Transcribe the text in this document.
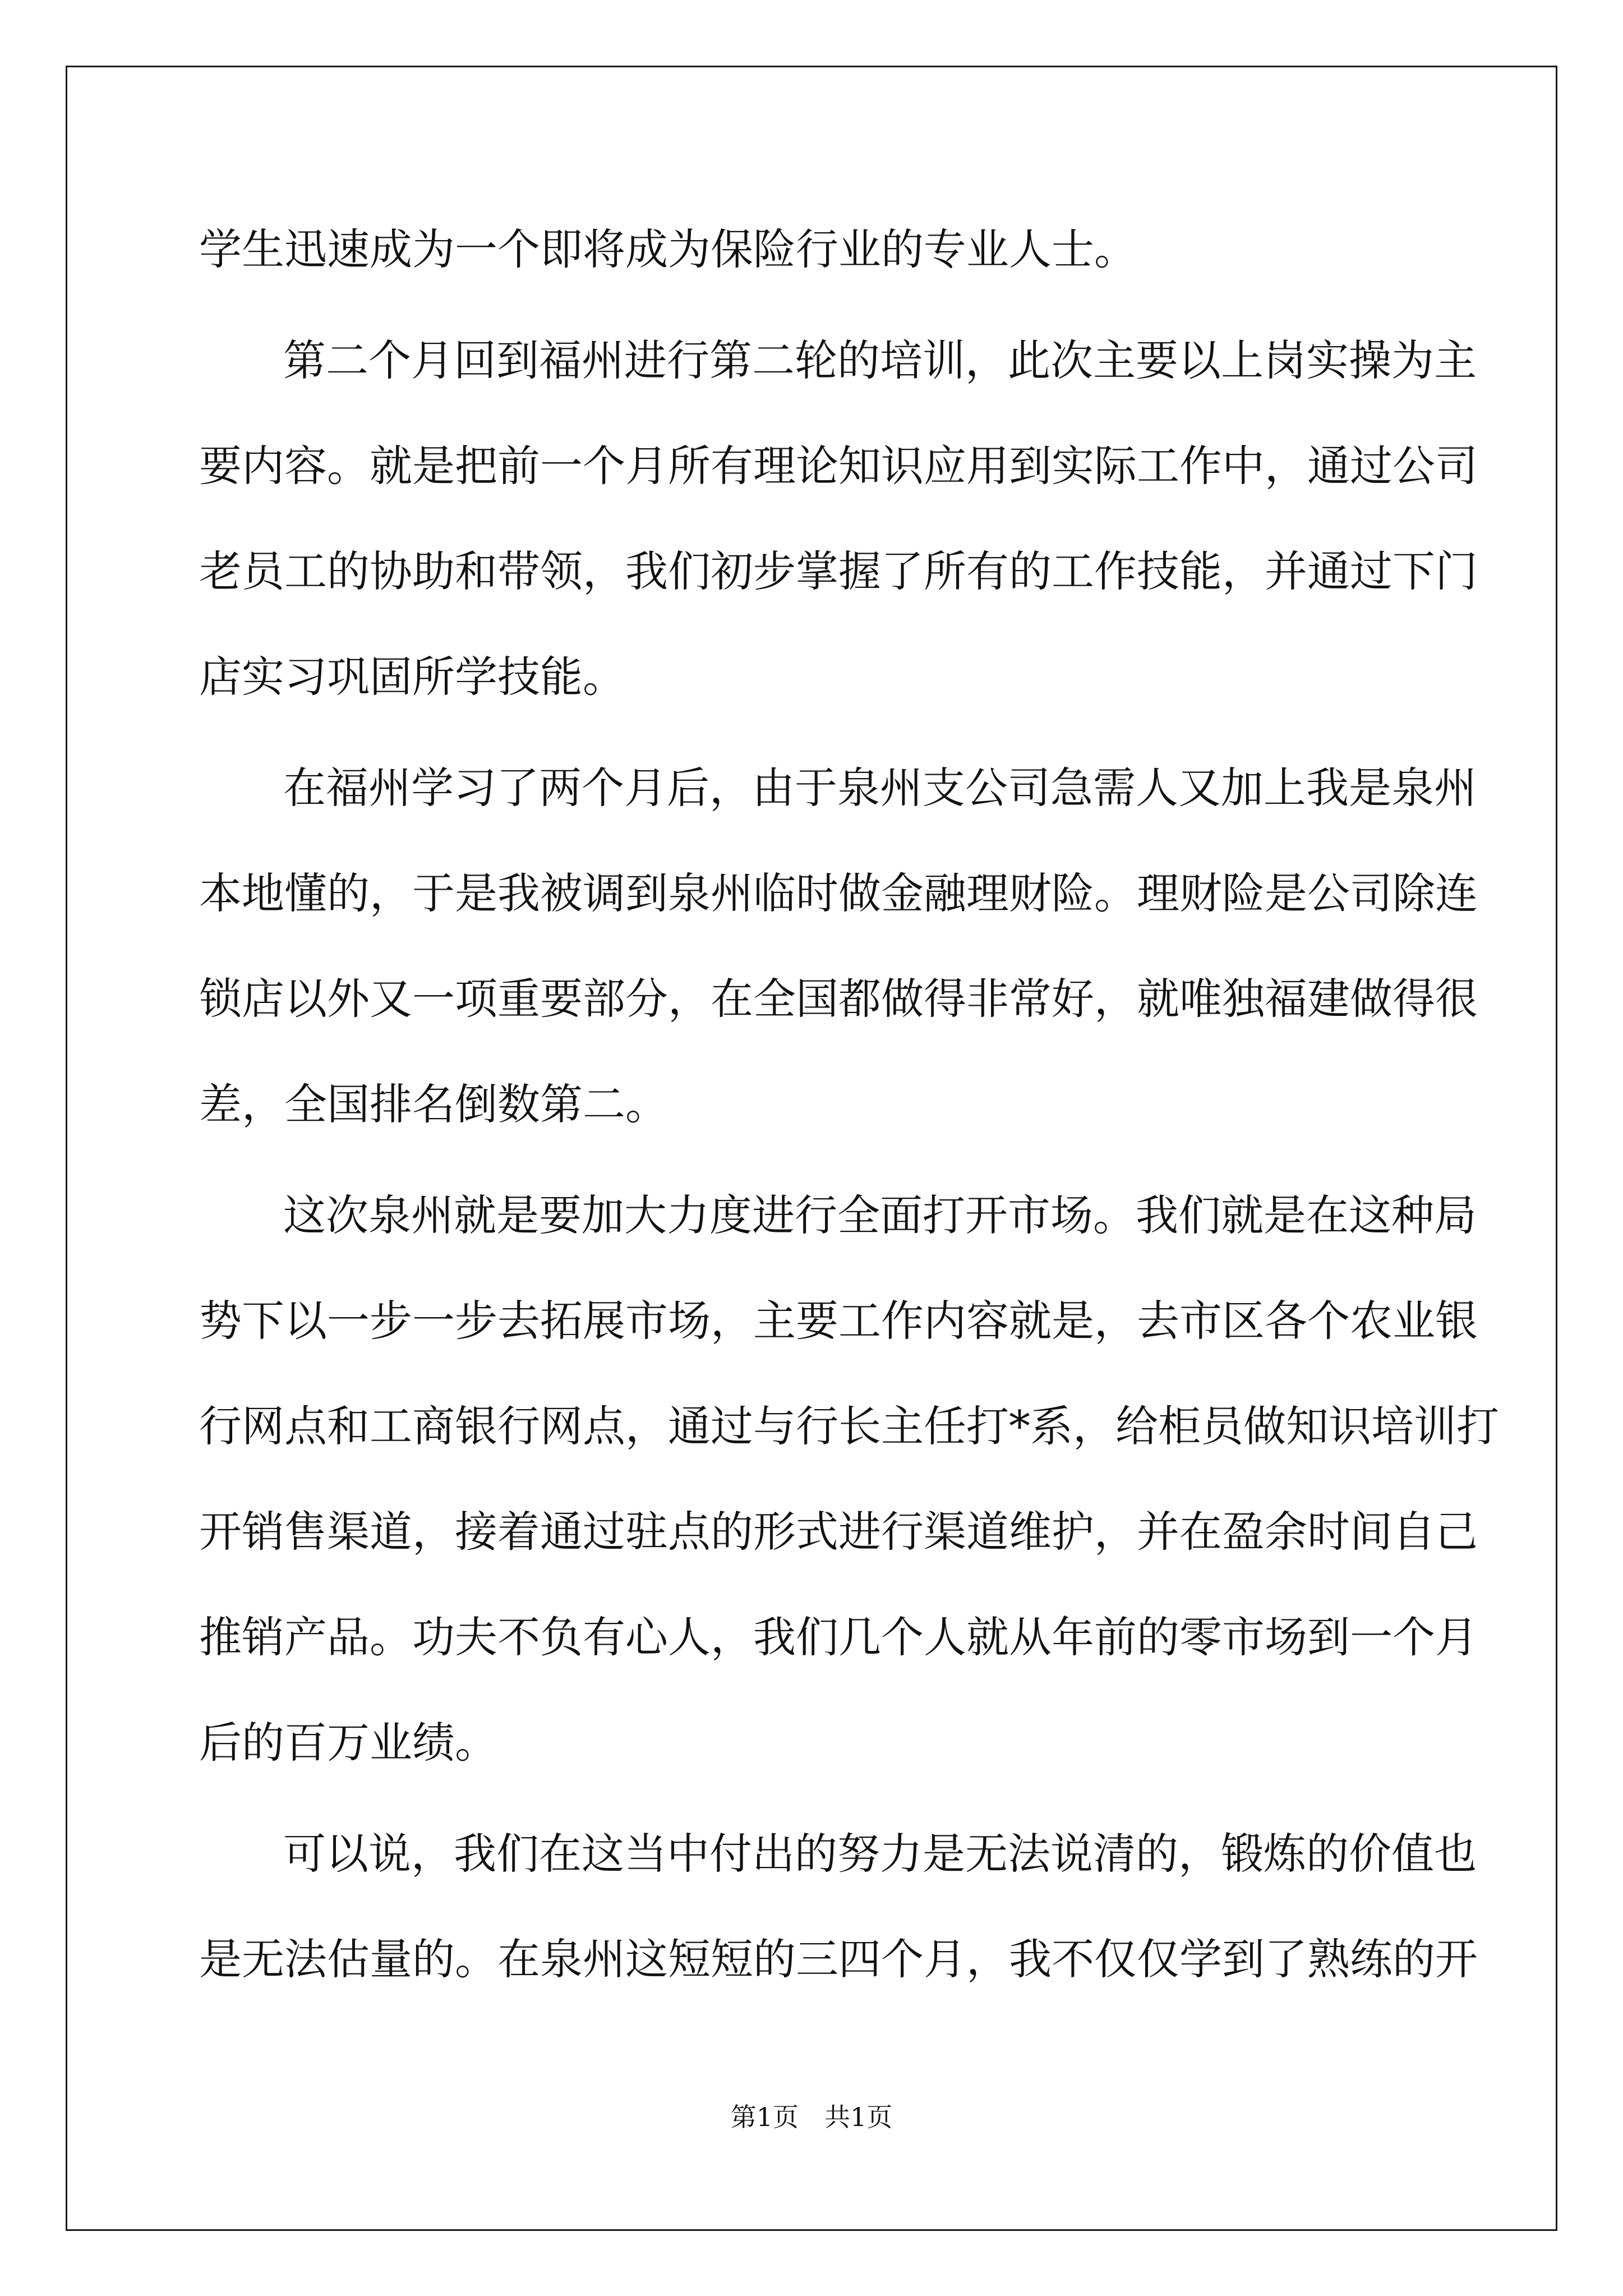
学生迅速成为一个即将成为保险行业的专业人士。
第二个月回到福州进行第二轮的培训，此次主要以上岗实操为主
要内容。就是把前一个月所有理论知识应用到实际工作中，通过公司
老员工的协助和带领，我们初步掌握了所有的工作技能，并通过下门
店实习巩固所学技能。
在福州学习了两个月后，由于泉州支公司急需人又加上我是泉州
本地懂的，于是我被调到泉州临时做金融理财险。理财险是公司除连
锁店以外又一项重要部分，在全国都做得非常好，就唯独福建做得很
差，全国排名倒数第二。
这次泉州就是要加大力度进行全面打开市场。我们就是在这种局
势下以一步一步去拓展市场，主要工作内容就是，去市区各个农业银
行网点和工商银行网点，通过与行长主任打*系，给柜员做知识培训打
开销售渠道，接着通过驻点的形式进行渠道维护，并在盈余时间自己
推销产品。功夫不负有心人，我们几个人就从年前的零市场到一个月
后的百万业绩。
可以说，我们在这当中付出的努力是无法说清的，锻炼的价值也
是无法估量的。在泉州这短短的三四个月，我不仅仅学到了熟练的开
第1页　共1页
